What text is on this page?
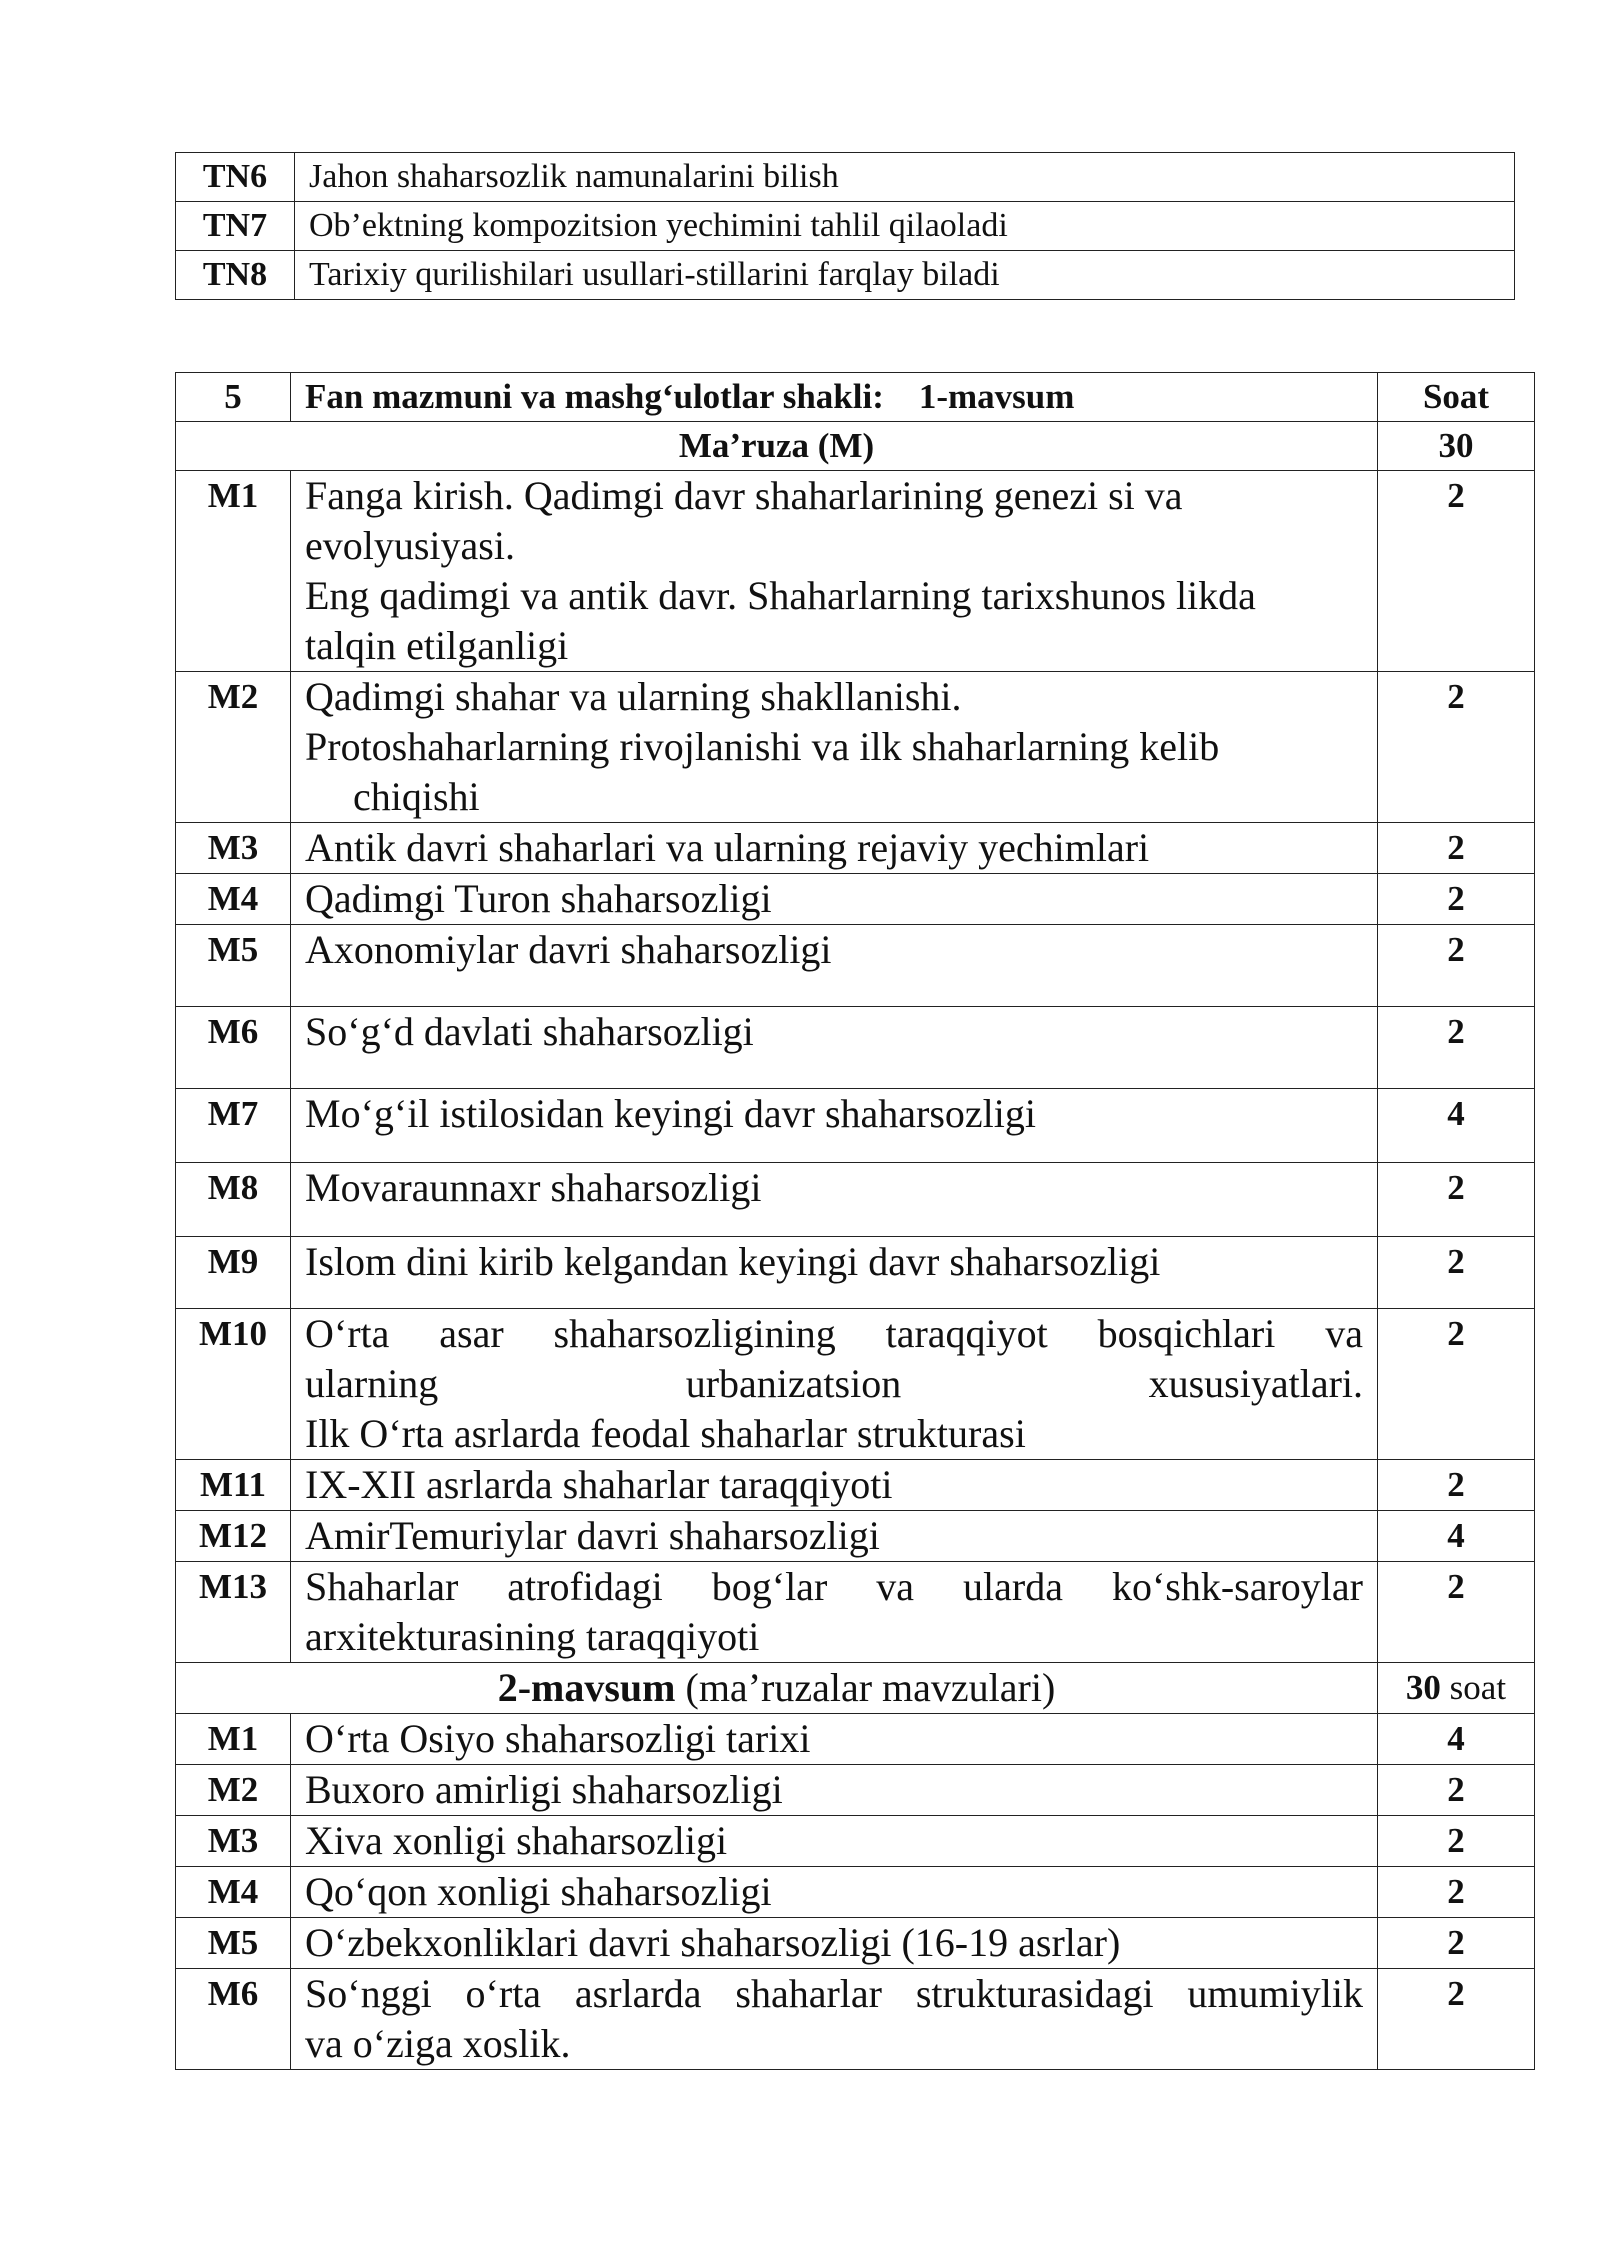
TN6	Jahon shaharsozlik namunalarini bilish
TN7	Ob’ektning kompozitsion yechimini tahlil qilaoladi
TN8	Tarixiy qurilishilari usullari-stillarini farqlay biladi
5	Fan mazmuni va mashg‘ulotlar shakli:    1-mavsum	Soat
Ma’ruza (M)		30
M1	Fanga kirish. Qadimgi davr shaharlarining genezi si va
evolyusiyasi.
Eng qadimgi va antik davr. Shaharlarning tarixshunos likda
talqin etilganligi	2
M2	Qadimgi shahar va ularning shakllanishi.
Protoshaharlarning rivojlanishi va ilk shaharlarning kelib
chiqishi	2
M3	Antik davri shaharlari va ularning rejaviy yechimlari	2
M4	Qadimgi Turon shaharsozligi	2
M5	Axonomiylar davri shaharsozligi	2
M6	So‘g‘d davlati shaharsozligi	2
M7	Mo‘g‘il istilosidan keyingi davr shaharsozligi	4
M8	Movaraunnaxr shaharsozligi	2
M9	Islom dini kirib kelgandan keyingi davr shaharsozligi	2
M10	O‘rta asar shaharsozligining taraqqiyot bosqichlari va
ularning urbanizatsion xususiyatlari.
Ilk O‘rta asrlarda feodal shaharlar strukturasi	2
M11	IX-XII asrlarda shaharlar taraqqiyoti	2
M12	AmirTemuriylar davri shaharsozligi	4
M13	Shaharlar atrofidagi bog‘lar va ularda ko‘shk-saroylar
arxitekturasining taraqqiyoti	2
2-mavsum (ma’ruzalar mavzulari)		30 soat
M1	O‘rta Osiyo shaharsozligi tarixi	4
M2	Buxoro amirligi shaharsozligi	2
M3	Xiva xonligi shaharsozligi	2
M4	Qo‘qon xonligi shaharsozligi	2
M5	O‘zbekxonliklari davri shaharsozligi (16-19 asrlar)	2
M6	So‘nggi o‘rta asrlarda shaharlar strukturasidagi umumiylik
va o‘ziga xoslik.	2
